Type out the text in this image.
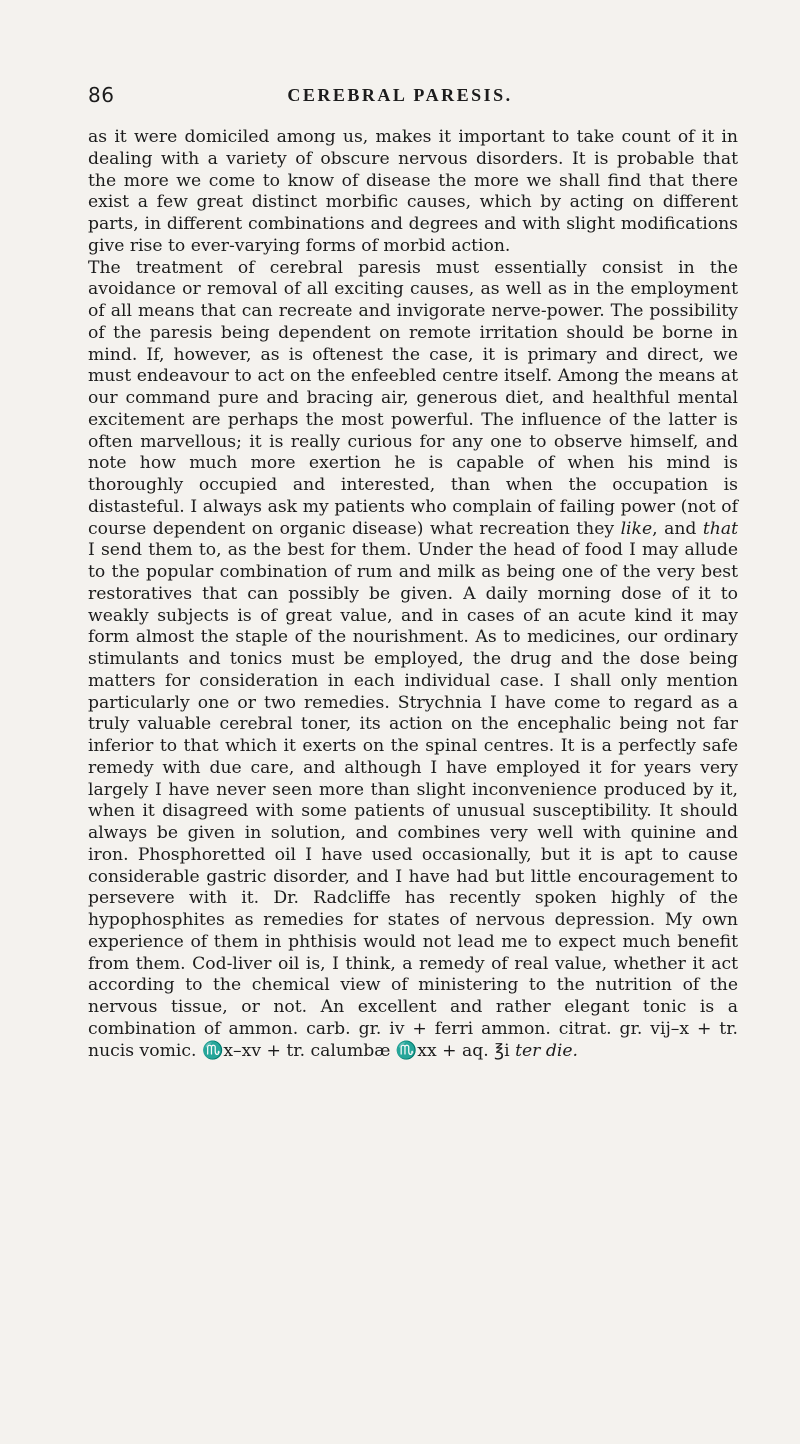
86	CEREBRAL PARESIS.

as it were domiciled among us, makes it important to take count of it in dealing with a variety of obscure nervous disorders. It is probable that the more we come to know of disease the more we shall find that there exist a few great distinct morbific causes, which by acting on different parts, in different combinations and degrees and with slight modifications give rise to ever-varying forms of morbid action.

The treatment of cerebral paresis must essentially consist in the avoidance or removal of all exciting causes, as well as in the employment of all means that can recreate and invigorate nerve-power. The possibility of the paresis being dependent on remote irritation should be borne in mind. If, however, as is oftenest the case, it is primary and direct, we must endeavour to act on the enfeebled centre itself. Among the means at our command pure and bracing air, generous diet, and healthful mental excitement are perhaps the most powerful. The influence of the latter is often marvellous; it is really curious for any one to observe himself, and note how much more exertion he is capable of when his mind is thoroughly occupied and interested, than when the occupation is distasteful. I always ask my patients who complain of failing power (not of course dependent on organic disease) what recreation they like, and that I send them to, as the best for them. Under the head of food I may allude to the popular combination of rum and milk as being one of the very best restoratives that can possibly be given. A daily morning dose of it to weakly subjects is of great value, and in cases of an acute kind it may form almost the staple of the nourishment. As to medicines, our ordinary stimulants and tonics must be employed, the drug and the dose being matters for consideration in each individual case. I shall only mention particularly one or two remedies. Strychnia I have come to regard as a truly valuable cerebral toner, its action on the encephalic being not far inferior to that which it exerts on the spinal centres. It is a perfectly safe remedy with due care, and although I have employed it for years very largely I have never seen more than slight inconvenience produced by it, when it disagreed with some patients of unusual susceptibility. It should always be given in solution, and combines very well with quinine and iron. Phosphoretted oil I have used occasionally, but it is apt to cause considerable gastric disorder, and I have had but little encouragement to persevere with it. Dr. Radcliffe has recently spoken highly of the hypophosphites as remedies for states of nervous depression. My own experience of them in phthisis would not lead me to expect much benefit from them. Cod-liver oil is, I think, a remedy of real value, whether it act according to the chemical view of ministering to the nutrition of the nervous tissue, or not. An excellent and rather elegant tonic is a combination of ammon. carb. gr. iv + ferri ammon. citrat. gr. vij–x + tr. nucis vomic. ♏x–xv + tr. calumbæ ♏xx + aq. ℥i ter die.
